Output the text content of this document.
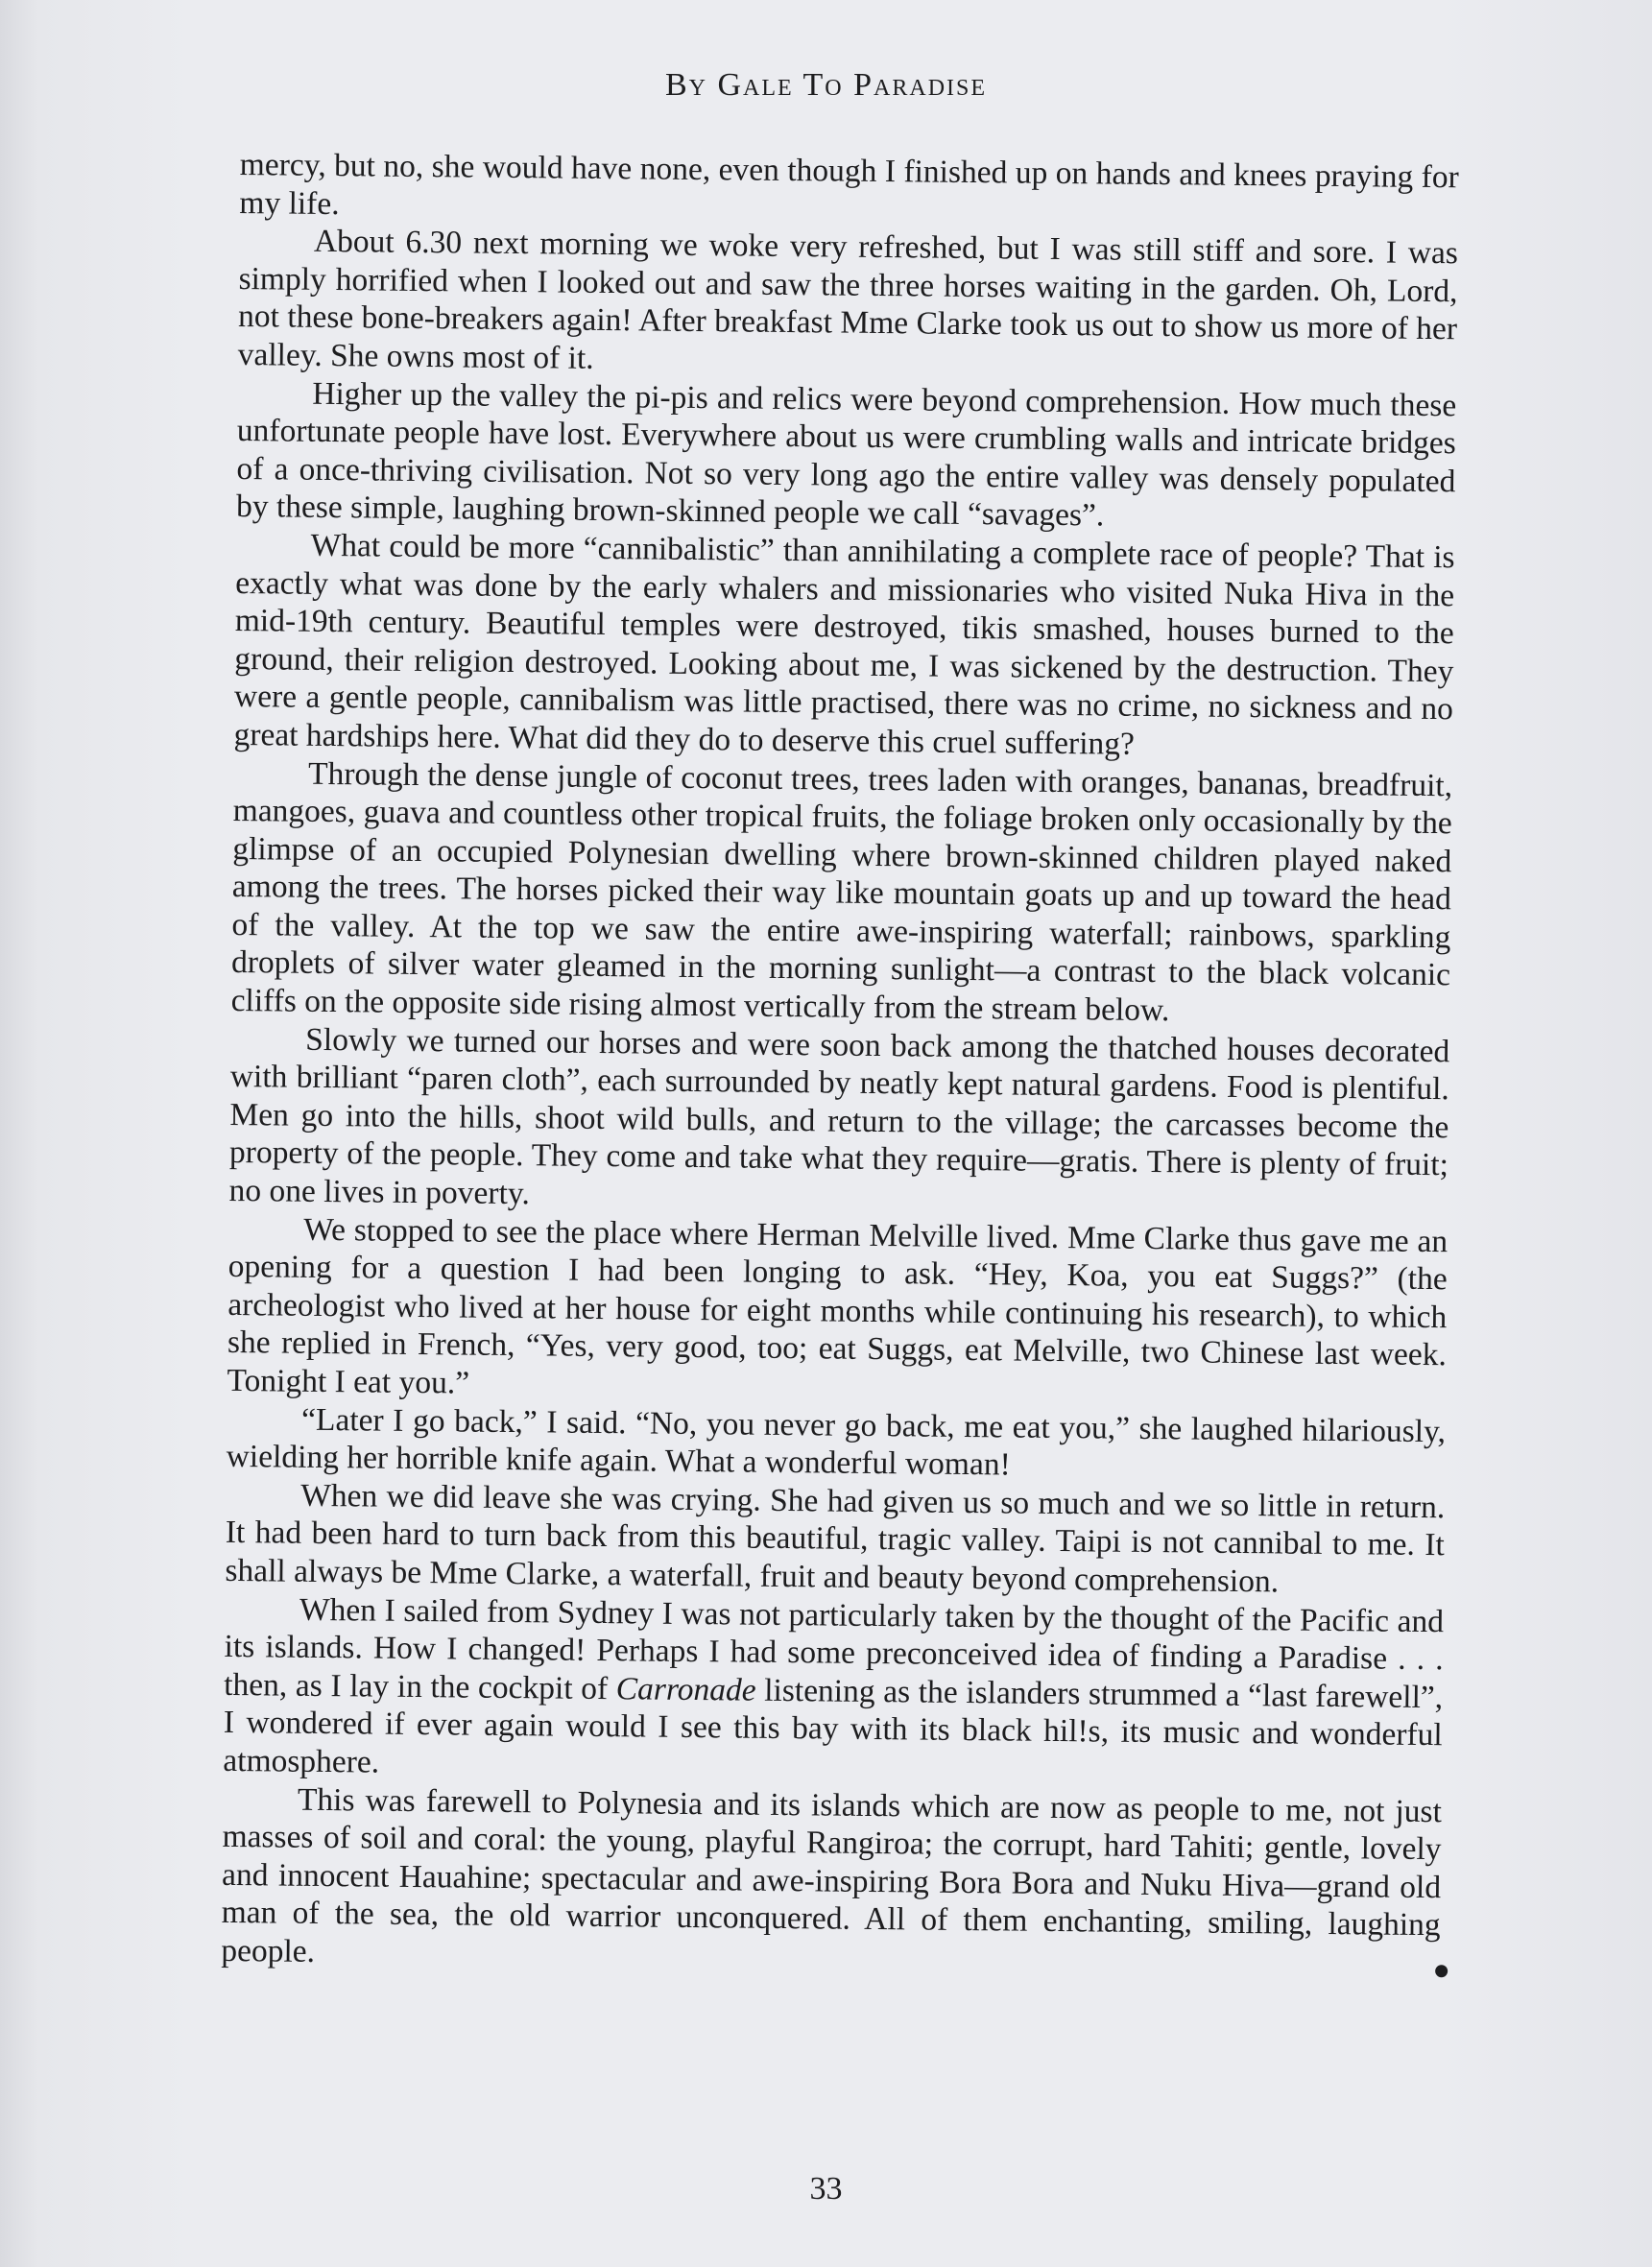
By Gale To Paradise

mercy, but no, she would have none, even though I finished up on hands and knees praying for my life.

About 6.30 next morning we woke very refreshed, but I was still stiff and sore. I was simply horrified when I looked out and saw the three horses waiting in the garden. Oh, Lord, not these bone-breakers again! After breakfast Mme Clarke took us out to show us more of her valley. She owns most of it.

Higher up the valley the pi-pis and relics were beyond comprehension. How much these unfortunate people have lost. Everywhere about us were crumbling walls and intricate bridges of a once-thriving civilisation. Not so very long ago the entire valley was densely populated by these simple, laughing brown-skinned people we call “savages”.

What could be more “cannibalistic” than annihilating a complete race of people? That is exactly what was done by the early whalers and missionaries who visited Nuka Hiva in the mid-19th century. Beautiful temples were destroyed, tikis smashed, houses burned to the ground, their religion destroyed. Looking about me, I was sickened by the destruction. They were a gentle people, cannibalism was little practised, there was no crime, no sickness and no great hardships here. What did they do to deserve this cruel suffering?

Through the dense jungle of coconut trees, trees laden with oranges, bananas, breadfruit, mangoes, guava and countless other tropical fruits, the foliage broken only occasionally by the glimpse of an occupied Polynesian dwelling where brown-skinned children played naked among the trees. The horses picked their way like mountain goats up and up toward the head of the valley. At the top we saw the entire awe-inspiring waterfall; rainbows, sparkling droplets of silver water gleamed in the morning sunlight—a contrast to the black volcanic cliffs on the opposite side rising almost vertically from the stream below.

Slowly we turned our horses and were soon back among the thatched houses decorated with brilliant “paren cloth”, each surrounded by neatly kept natural gardens. Food is plentiful. Men go into the hills, shoot wild bulls, and return to the village; the carcasses become the property of the people. They come and take what they require—gratis. There is plenty of fruit; no one lives in poverty.

We stopped to see the place where Herman Melville lived. Mme Clarke thus gave me an opening for a question I had been longing to ask. “Hey, Koa, you eat Suggs?” (the archeologist who lived at her house for eight months while continuing his research), to which she replied in French, “Yes, very good, too; eat Suggs, eat Melville, two Chinese last week. Tonight I eat you.”

“Later I go back,” I said. “No, you never go back, me eat you,” she laughed hilariously, wielding her horrible knife again. What a wonderful woman!

When we did leave she was crying. She had given us so much and we so little in return. It had been hard to turn back from this beautiful, tragic valley. Taipi is not cannibal to me. It shall always be Mme Clarke, a waterfall, fruit and beauty beyond comprehension.

When I sailed from Sydney I was not particularly taken by the thought of the Pacific and its islands. How I changed! Perhaps I had some preconceived idea of finding a Paradise . . . then, as I lay in the cockpit of Carronade listening as the islanders strummed a “last farewell”, I wondered if ever again would I see this bay with its black hil!s, its music and wonderful atmosphere.

This was farewell to Polynesia and its islands which are now as people to me, not just masses of soil and coral: the young, playful Rangiroa; the corrupt, hard Tahiti; gentle, lovely and innocent Hauahine; spectacular and awe-inspiring Bora Bora and Nuku Hiva—grand old man of the sea, the old warrior unconquered. All of them enchanting, smiling, laughing people.

33
